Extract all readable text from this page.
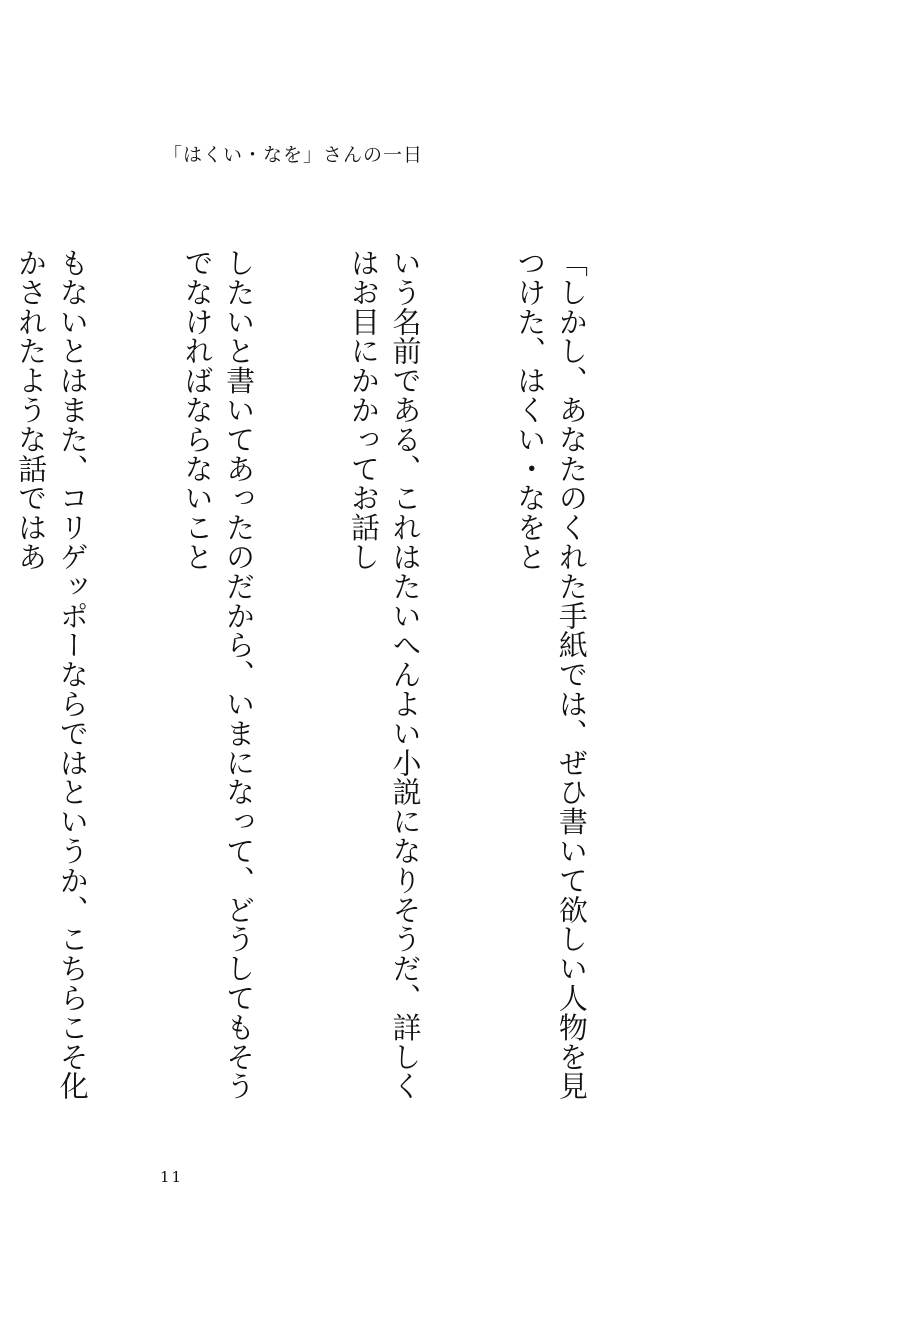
「はくい・なを」さんの一日

「しかし、あなたのくれた手紙では、ぜひ書いて欲しい人物を見つけた、はくい・なをと

いう名前である、これはたいへんよい小説になりそうだ、詳しくはお目にかかってお話し

したいと書いてあったのだから、いまになって、どうしてもそうでなければならないこと

もないとはまた、コリゲッポーならではというか、こちらこそ化かされたような話ではあ

11
